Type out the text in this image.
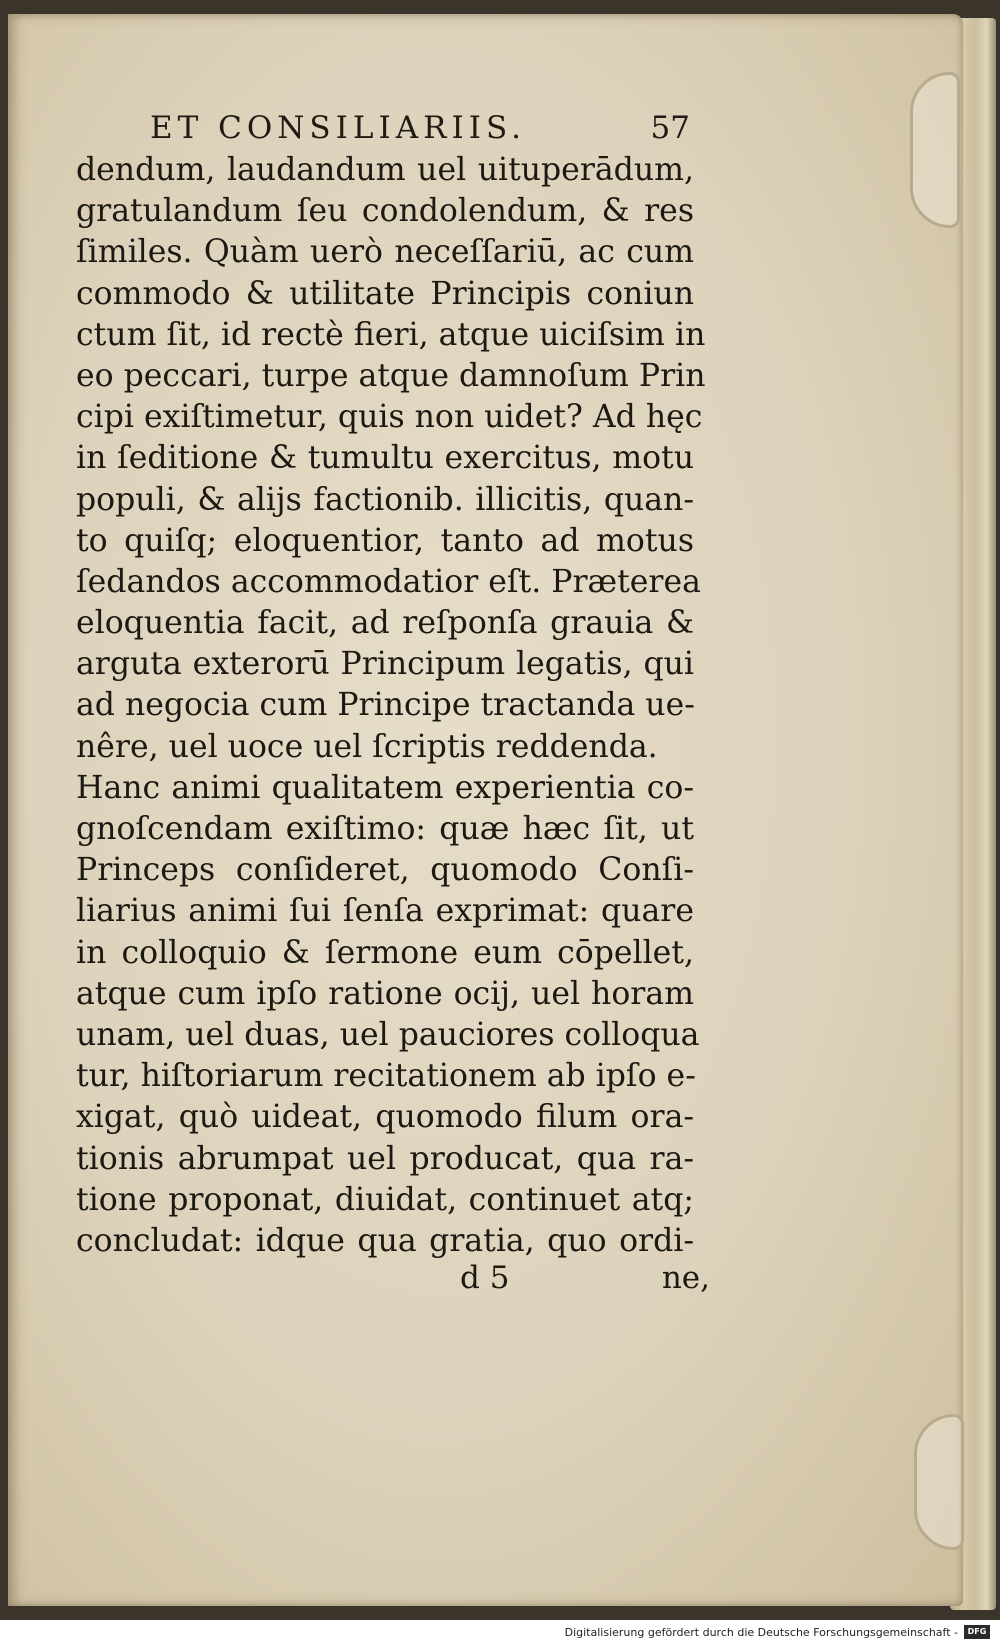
ET CONSILIARIIS.	57
dendum, laudandum uel uituperādum,
gratulandum ſeu condolendum, & res
ſimiles. Quàm uerò neceſſariū, ac cum
commodo & utilitate Principis coniun
ctum ſit, id rectè fieri, atque uiciſsim in
eo peccari, turpe atque damnoſum Prin
cipi exiſtimetur, quis non uidet? Ad hęc
in ſeditione & tumultu exercitus, motu
populi, & alijs factionib. illicitis, quan-
to quiſq; eloquentior, tanto ad motus
ſedandos accommodatior eſt. Præterea
eloquentia facit, ad reſponſa grauia &
arguta exterorū Principum legatis, qui
ad negocia cum Principe tractanda ue-
nêre, uel uoce uel ſcriptis reddenda.
Hanc animi qualitatem experientia co-
gnoſcendam exiſtimo: quæ hæc ſit, ut
Princeps conſideret, quomodo Conſi-
liarius animi ſui ſenſa exprimat: quare
in colloquio & ſermone eum cōpellet,
atque cum ipſo ratione ocij, uel horam
unam, uel duas, uel pauciores colloqua
tur, hiſtoriarum recitationem ab ipſo e-
xigat, quò uideat, quomodo filum ora-
tionis abrumpat uel producat, qua ra-
tione proponat, diuidat, continuet atq;
concludat: idque qua gratia, quo ordi-
d 5	ne,
Digitalisierung gefördert durch die Deutsche Forschungsgemeinschaft -	DFG
